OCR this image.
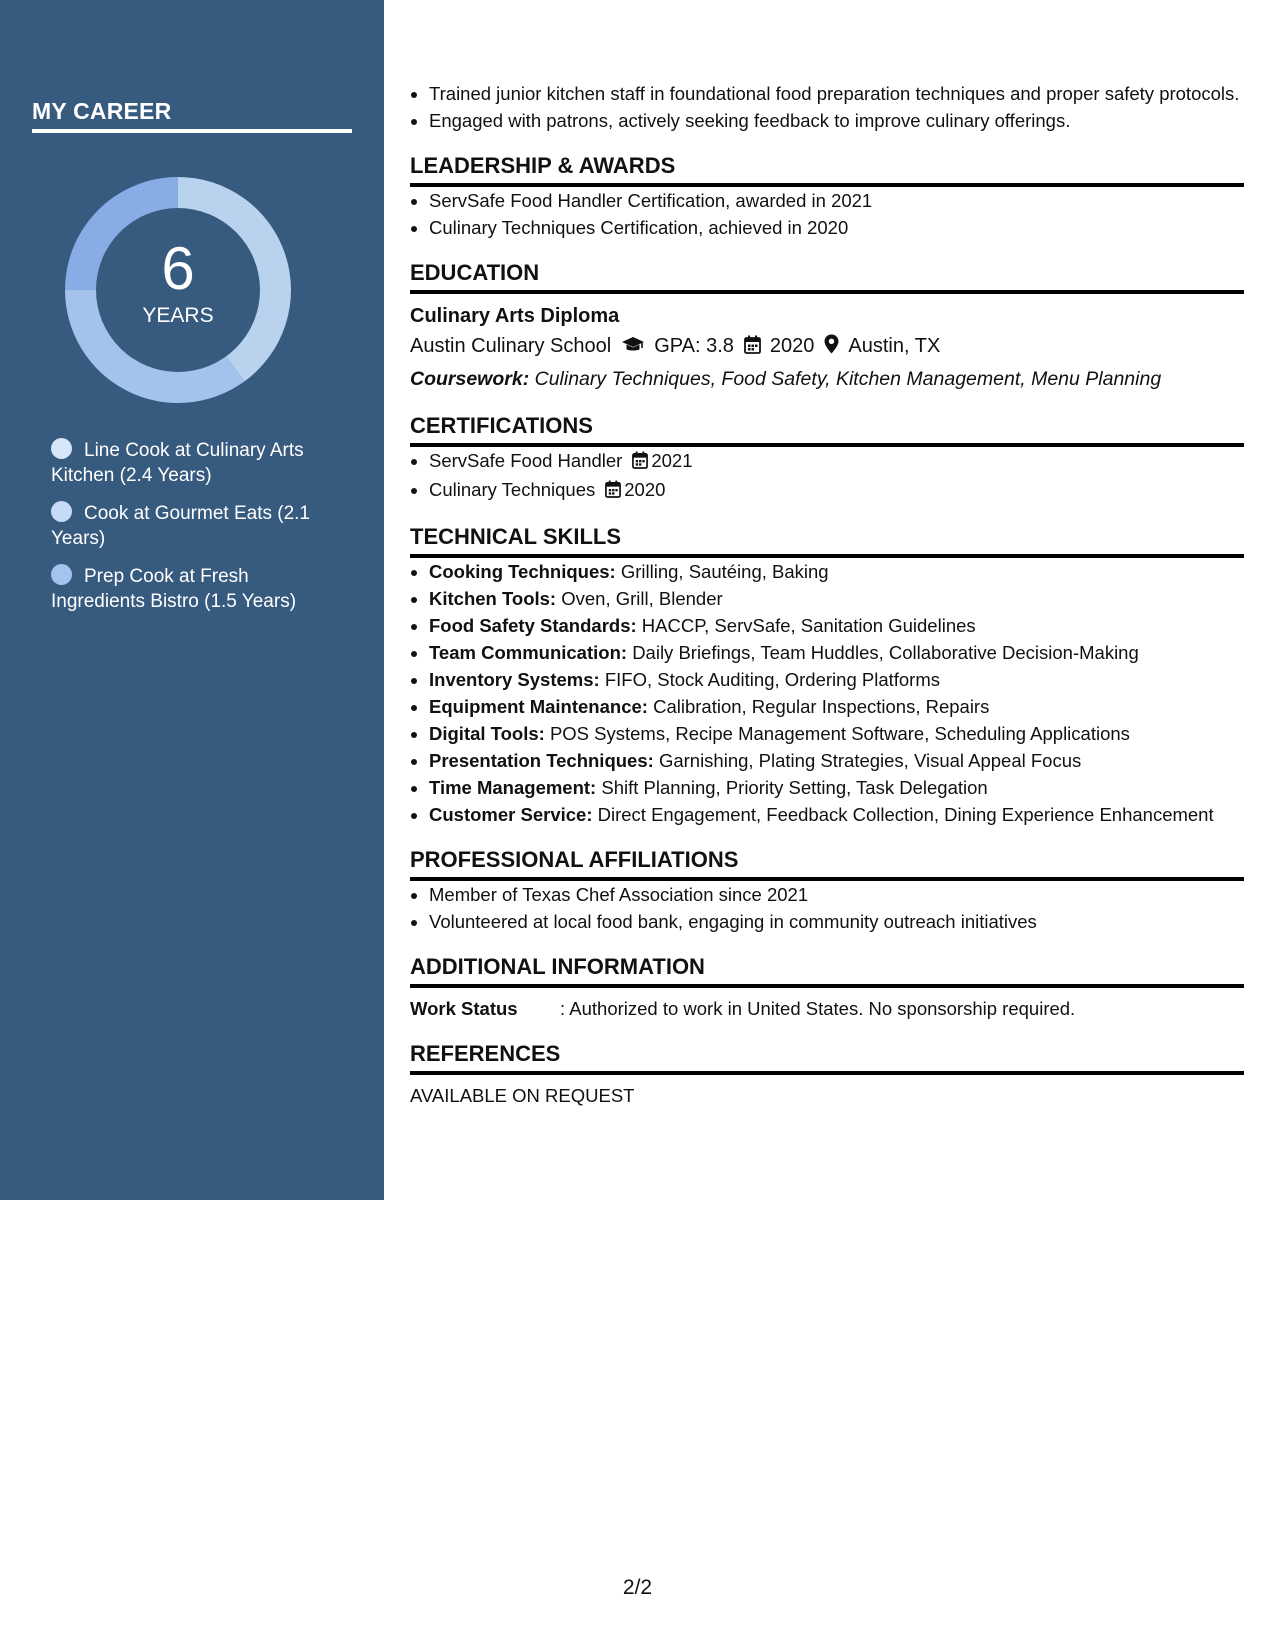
MY CAREER
6
YEARS
Line Cook at Culinary Arts Kitchen (2.4 Years)
Cook at Gourmet Eats (2.1 Years)
Prep Cook at Fresh Ingredients Bistro (1.5 Years)
• Trained junior kitchen staff in foundational food preparation techniques and proper safety protocols.
• Engaged with patrons, actively seeking feedback to improve culinary offerings.
LEADERSHIP & AWARDS
• ServSafe Food Handler Certification, awarded in 2021
• Culinary Techniques Certification, achieved in 2020
EDUCATION
Culinary Arts Diploma
Austin Culinary School GPA: 3.8 2020 Austin, TX
Coursework: Culinary Techniques, Food Safety, Kitchen Management, Menu Planning
CERTIFICATIONS
• ServSafe Food Handler 2021
• Culinary Techniques 2020
TECHNICAL SKILLS
• Cooking Techniques: Grilling, Sautéing, Baking
• Kitchen Tools: Oven, Grill, Blender
• Food Safety Standards: HACCP, ServSafe, Sanitation Guidelines
• Team Communication: Daily Briefings, Team Huddles, Collaborative Decision-Making
• Inventory Systems: FIFO, Stock Auditing, Ordering Platforms
• Equipment Maintenance: Calibration, Regular Inspections, Repairs
• Digital Tools: POS Systems, Recipe Management Software, Scheduling Applications
• Presentation Techniques: Garnishing, Plating Strategies, Visual Appeal Focus
• Time Management: Shift Planning, Priority Setting, Task Delegation
• Customer Service: Direct Engagement, Feedback Collection, Dining Experience Enhancement
PROFESSIONAL AFFILIATIONS
• Member of Texas Chef Association since 2021
• Volunteered at local food bank, engaging in community outreach initiatives
ADDITIONAL INFORMATION
Work Status : Authorized to work in United States. No sponsorship required.
REFERENCES
AVAILABLE ON REQUEST
2/2
